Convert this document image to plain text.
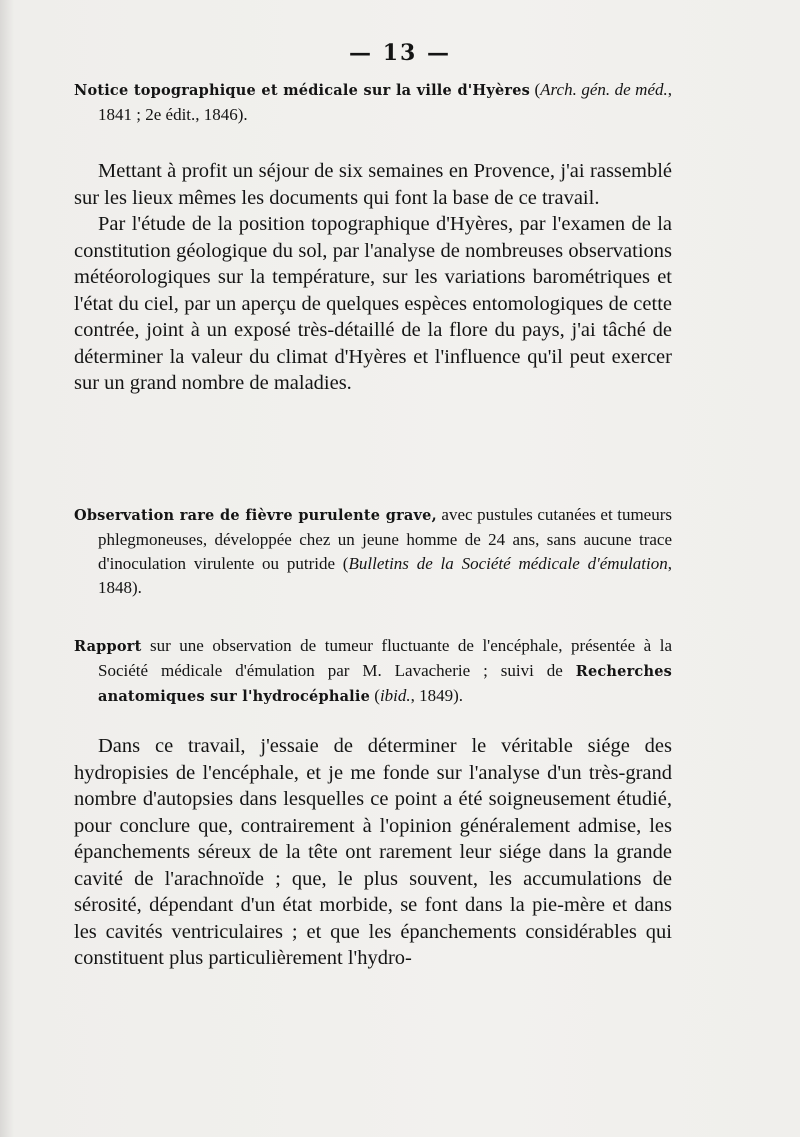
— 13 —
Notice topographique et médicale sur la ville d'Hyères (Arch. gén. de méd., 1841 ; 2e édit., 1846).

Mettant à profit un séjour de six semaines en Provence, j'ai rassemblé sur les lieux mêmes les documents qui font la base de ce travail.

Par l'étude de la position topographique d'Hyères, par l'examen de la constitution géologique du sol, par l'analyse de nombreuses observations météorologiques sur la température, sur les variations barométriques et l'état du ciel, par un aperçu de quelques espèces entomologiques de cette contrée, joint à un exposé très-détaillé de la flore du pays, j'ai tâché de déterminer la valeur du climat d'Hyères et l'influence qu'il peut exercer sur un grand nombre de maladies.

Observation rare de fièvre purulente grave, avec pustules cutanées et tumeurs phlegmoneuses, développée chez un jeune homme de 24 ans, sans aucune trace d'inoculation virulente ou putride (Bulletins de la Société médicale d'émulation, 1848).
Rapport sur une observation de tumeur fluctuante de l'encéphale, présentée à la Société médicale d'émulation par M. Lavacherie ; suivi de Recherches anatomiques sur l'hydrocéphalie (ibid., 1849).

Dans ce travail, j'essaie de déterminer le véritable siége des hydropisies de l'encéphale, et je me fonde sur l'analyse d'un très-grand nombre d'autopsies dans lesquelles ce point a été soigneusement étudié, pour conclure que, contrairement à l'opinion généralement admise, les épanchements séreux de la tête ont rarement leur siége dans la grande cavité de l'arachnoïde ; que, le plus souvent, les accumulations de sérosité, dépendant d'un état morbide, se font dans la pie-mère et dans les cavités ventriculaires ; et que les épanchements considérables qui constituent plus particulièrement l'hydro-
